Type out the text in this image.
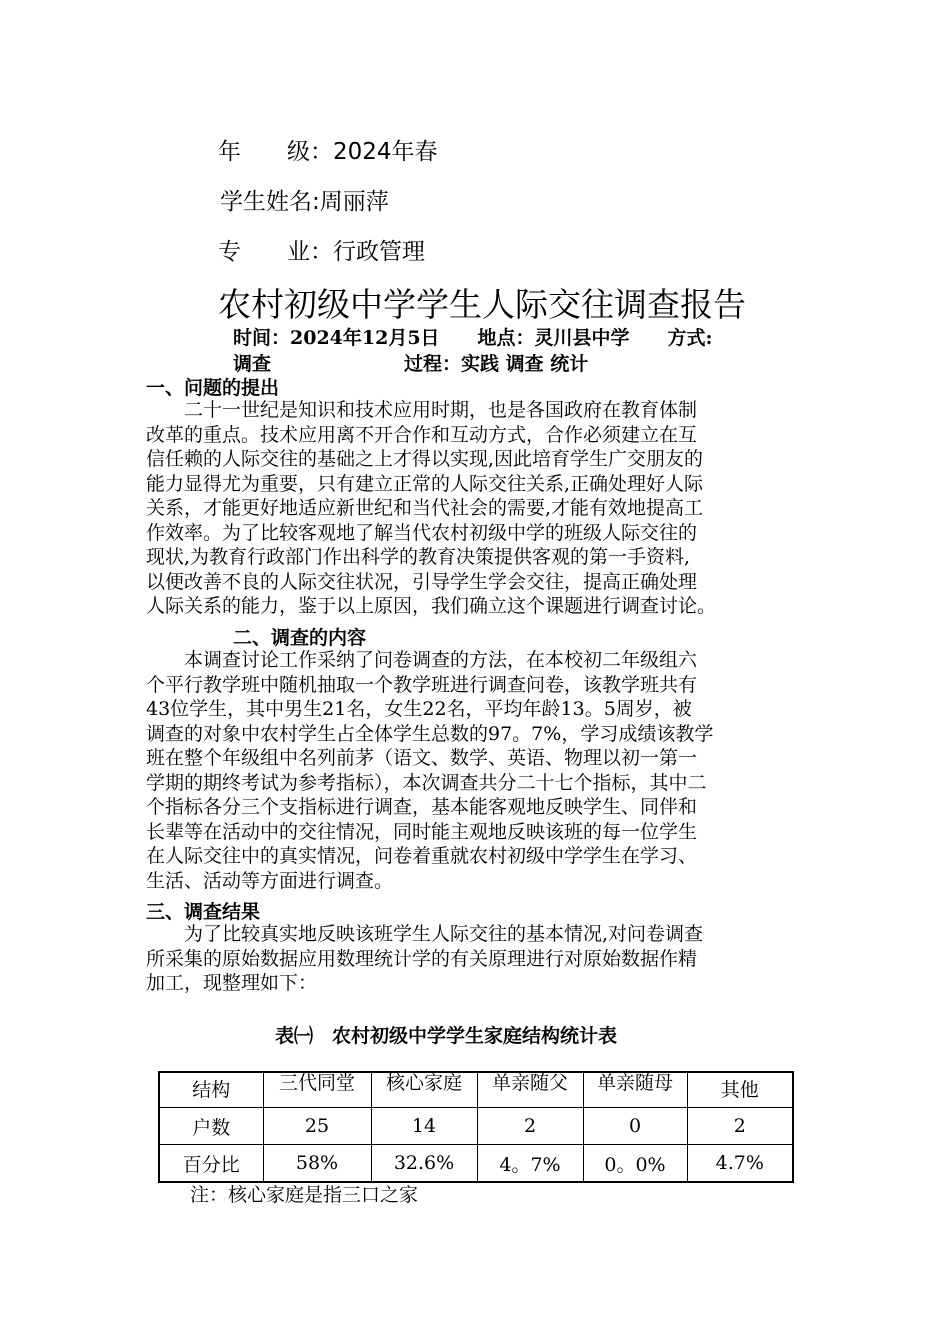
年　　级：2024年春
学生姓名:周丽萍
专　　业：行政管理
农村初级中学学生人际交往调查报告
时间：2024年12月5日　　地点：灵川县中学　　方式:
调查　　　　　　　过程：实践 调查 统计
一、问题的提出
　　二十一世纪是知识和技术应用时期，也是各国政府在教育体制
改革的重点。技术应用离不开合作和互动方式，合作必须建立在互
信任赖的人际交往的基础之上才得以实现,因此培育学生广交朋友的
能力显得尤为重要，只有建立正常的人际交往关系,正确处理好人际
关系，才能更好地适应新世纪和当代社会的需要,才能有效地提高工
作效率。为了比较客观地了解当代农村初级中学的班级人际交往的
现状,为教育行政部门作出科学的教育决策提供客观的第一手资料,
以便改善不良的人际交往状况，引导学生学会交往，提高正确处理
人际关系的能力，鉴于以上原因，我们确立这个课题进行调查讨论。
二、调查的内容
　　本调查讨论工作采纳了问卷调查的方法，在本校初二年级组六
个平行教学班中随机抽取一个教学班进行调查问卷，该教学班共有
43位学生，其中男生21名，女生22名，平均年龄13。5周岁，被
调查的对象中农村学生占全体学生总数的97。7%，学习成绩该教学
班在整个年级组中名列前茅（语文、数学、英语、物理以初一第一
学期的期终考试为参考指标），本次调查共分二十七个指标，其中二
个指标各分三个支指标进行调查，基本能客观地反映学生、同伴和
长辈等在活动中的交往情况，同时能主观地反映该班的每一位学生
在人际交往中的真实情况，问卷着重就农村初级中学学生在学习、
生活、活动等方面进行调查。
三、调查结果
　　为了比较真实地反映该班学生人际交往的基本情况,对问卷调查
所采集的原始数据应用数理统计学的有关原理进行对原始数据作精
加工，现整理如下：
表㈠　农村初级中学学生家庭结构统计表
结构	三代同堂	核心家庭	单亲随父	单亲随母	其他
户数	25	14	2	0	2
百分比	58%	32.6%	4。7%	0。0%	4.7%
注：核心家庭是指三口之家
